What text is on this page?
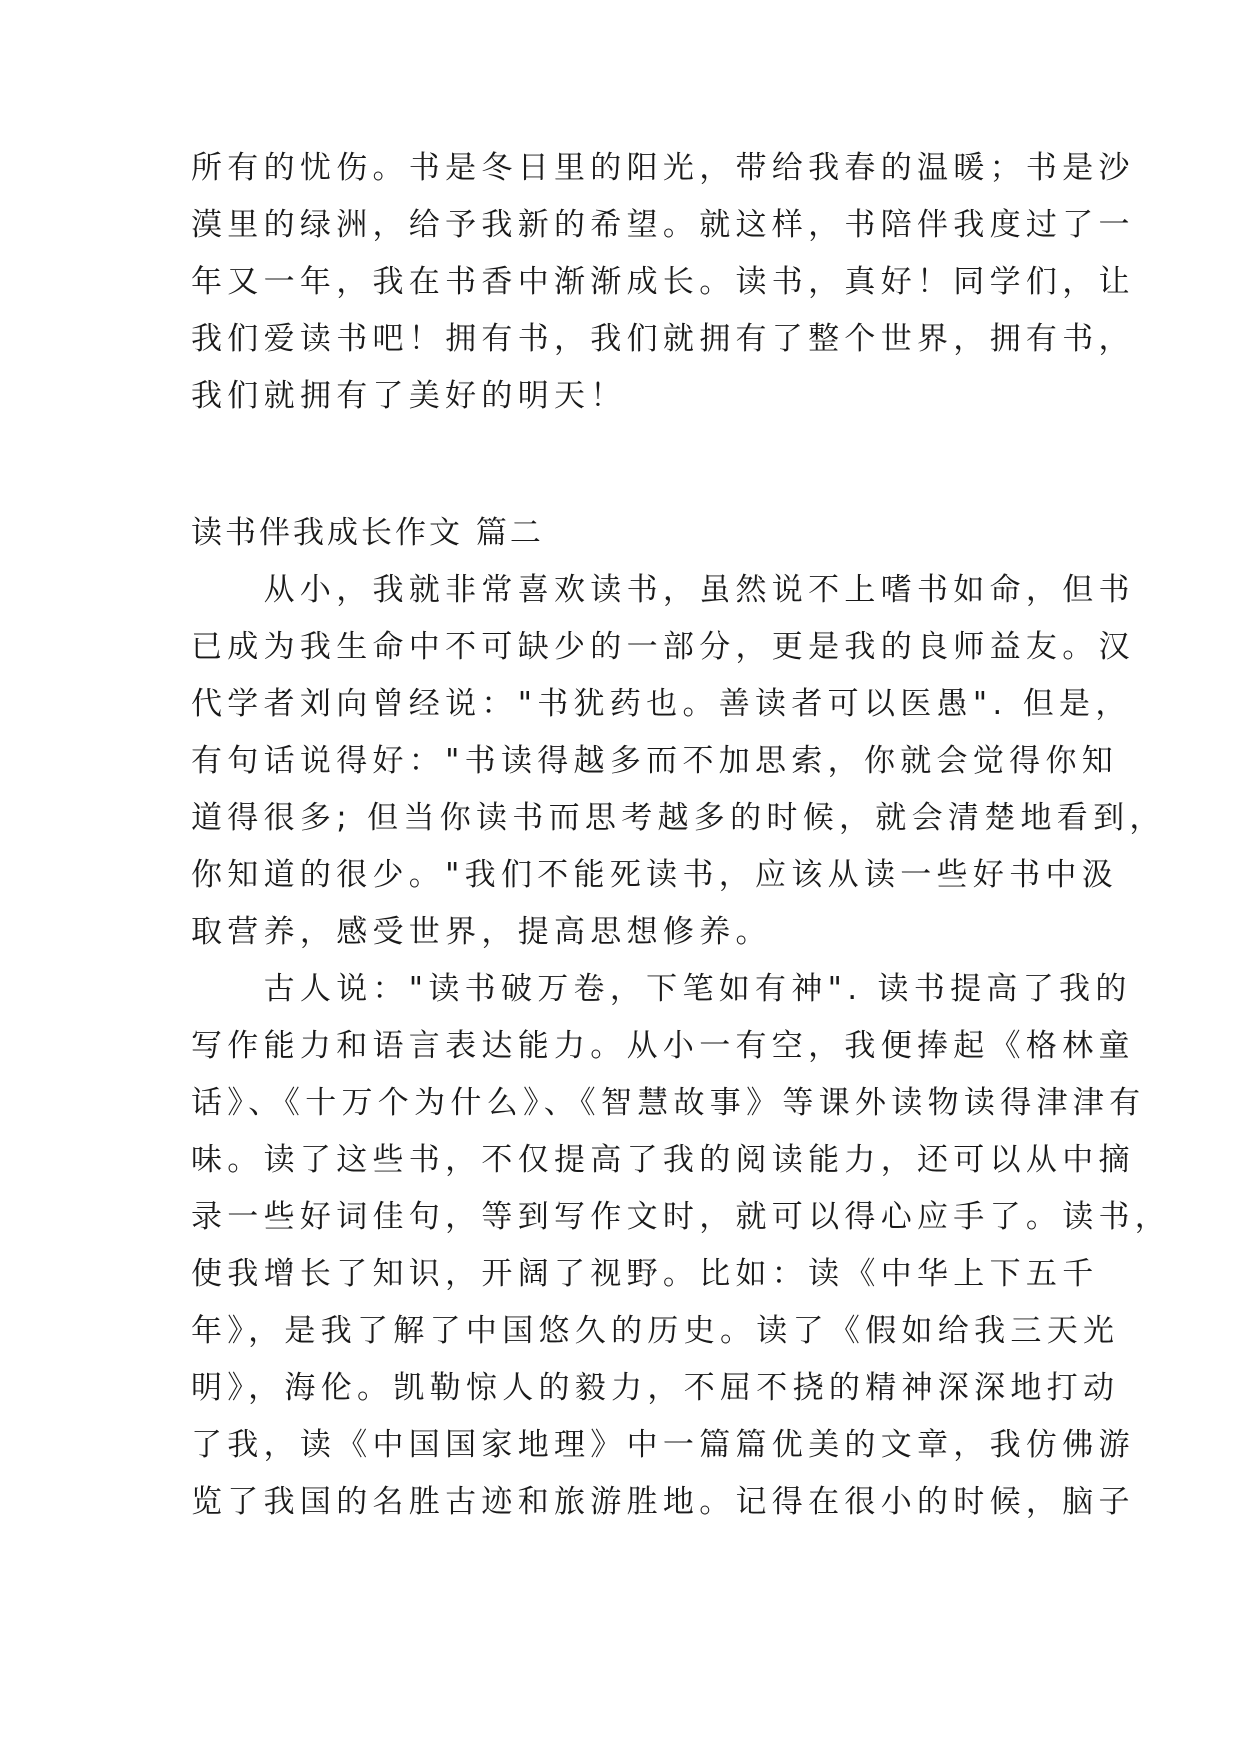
所有的忧伤。书是冬日里的阳光，带给我春的温暖；书是沙
漠里的绿洲，给予我新的希望。就这样，书陪伴我度过了一
年又一年，我在书香中渐渐成长。读书，真好！同学们，让
我们爱读书吧！拥有书，我们就拥有了整个世界，拥有书，
我们就拥有了美好的明天！
读书伴我成长作文 篇二
　　从小，我就非常喜欢读书，虽然说不上嗜书如命，但书
已成为我生命中不可缺少的一部分，更是我的良师益友。汉
代学者刘向曾经说："书犹药也。善读者可以医愚". 但是，
有句话说得好："书读得越多而不加思索，你就会觉得你知
道得很多; 但当你读书而思考越多的时候，就会清楚地看到，
你知道的很少。"我们不能死读书，应该从读一些好书中汲
取营养，感受世界，提高思想修养。
　　古人说："读书破万卷，下笔如有神". 读书提高了我的
写作能力和语言表达能力。从小一有空，我便捧起《格林童
话》、《十万个为什么》、《智慧故事》等课外读物读得津津有
味。读了这些书，不仅提高了我的阅读能力，还可以从中摘
录一些好词佳句，等到写作文时，就可以得心应手了。读书，
使我增长了知识，开阔了视野。比如：读《中华上下五千
年》，是我了解了中国悠久的历史。读了《假如给我三天光
明》，海伦。凯勒惊人的毅力，不屈不挠的精神深深地打动
了我，读《中国国家地理》中一篇篇优美的文章，我仿佛游
览了我国的名胜古迹和旅游胜地。记得在很小的时候，脑子
